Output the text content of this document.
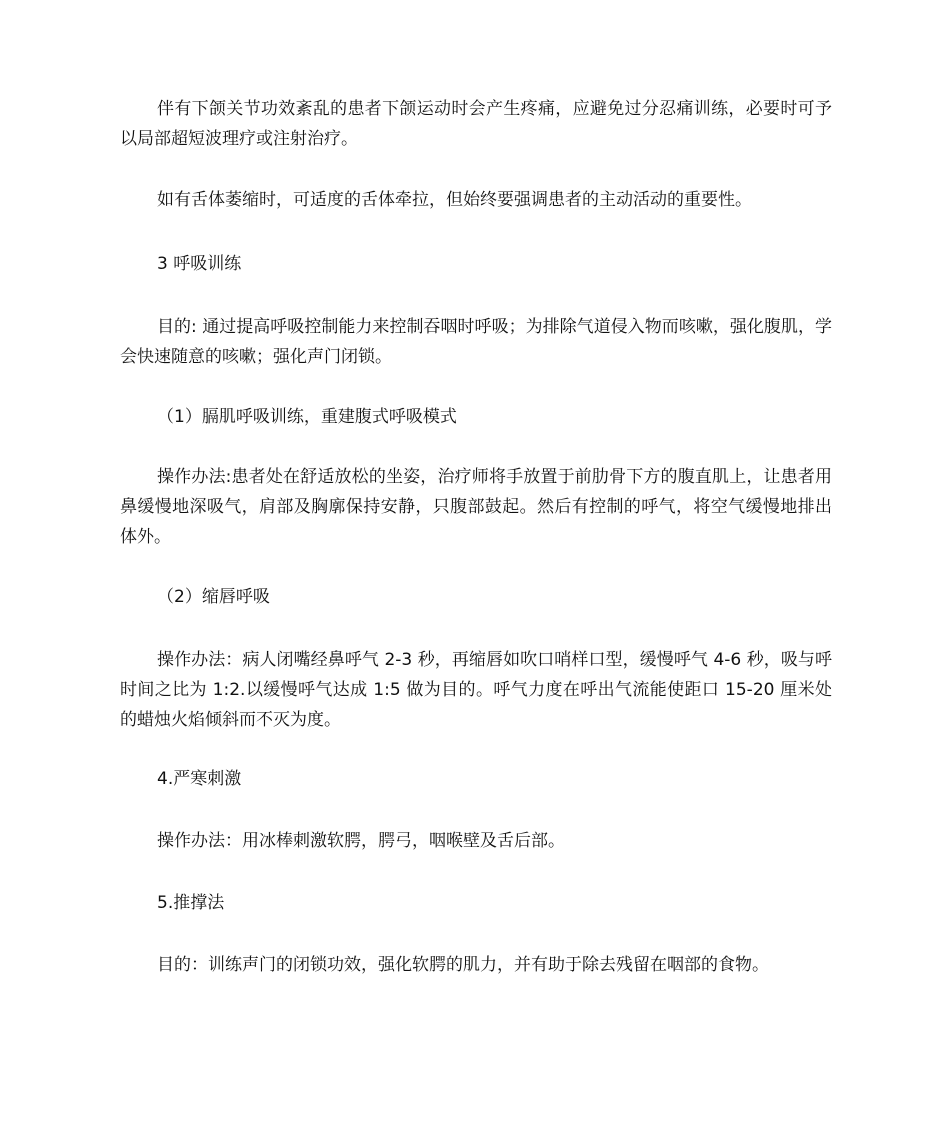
伴有下颌关节功效紊乱的患者下颌运动时会产生疼痛，应避免过分忍痛训练，必要时可予以局部超短波理疗或注射治疗。

如有舌体萎缩时，可适度的舌体牵拉，但始终要强调患者的主动活动的重要性。

3 呼吸训练

目的: 通过提高呼吸控制能力来控制吞咽时呼吸；为排除气道侵入物而咳嗽，强化腹肌，学会快速随意的咳嗽；强化声门闭锁。

（1）膈肌呼吸训练，重建腹式呼吸模式

操作办法:患者处在舒适放松的坐姿，治疗师将手放置于前肋骨下方的腹直肌上，让患者用鼻缓慢地深吸气，肩部及胸廓保持安静，只腹部鼓起。然后有控制的呼气，将空气缓慢地排出体外。

（2）缩唇呼吸

操作办法：病人闭嘴经鼻呼气 2-3 秒，再缩唇如吹口哨样口型，缓慢呼气 4-6 秒，吸与呼时间之比为 1:2.以缓慢呼气达成 1:5 做为目的。呼气力度在呼出气流能使距口 15-20 厘米处的蜡烛火焰倾斜而不灭为度。

4.严寒刺激

操作办法：用冰棒刺激软腭，腭弓，咽喉壁及舌后部。

5.推撑法

目的：训练声门的闭锁功效，强化软腭的肌力，并有助于除去残留在咽部的食物。
